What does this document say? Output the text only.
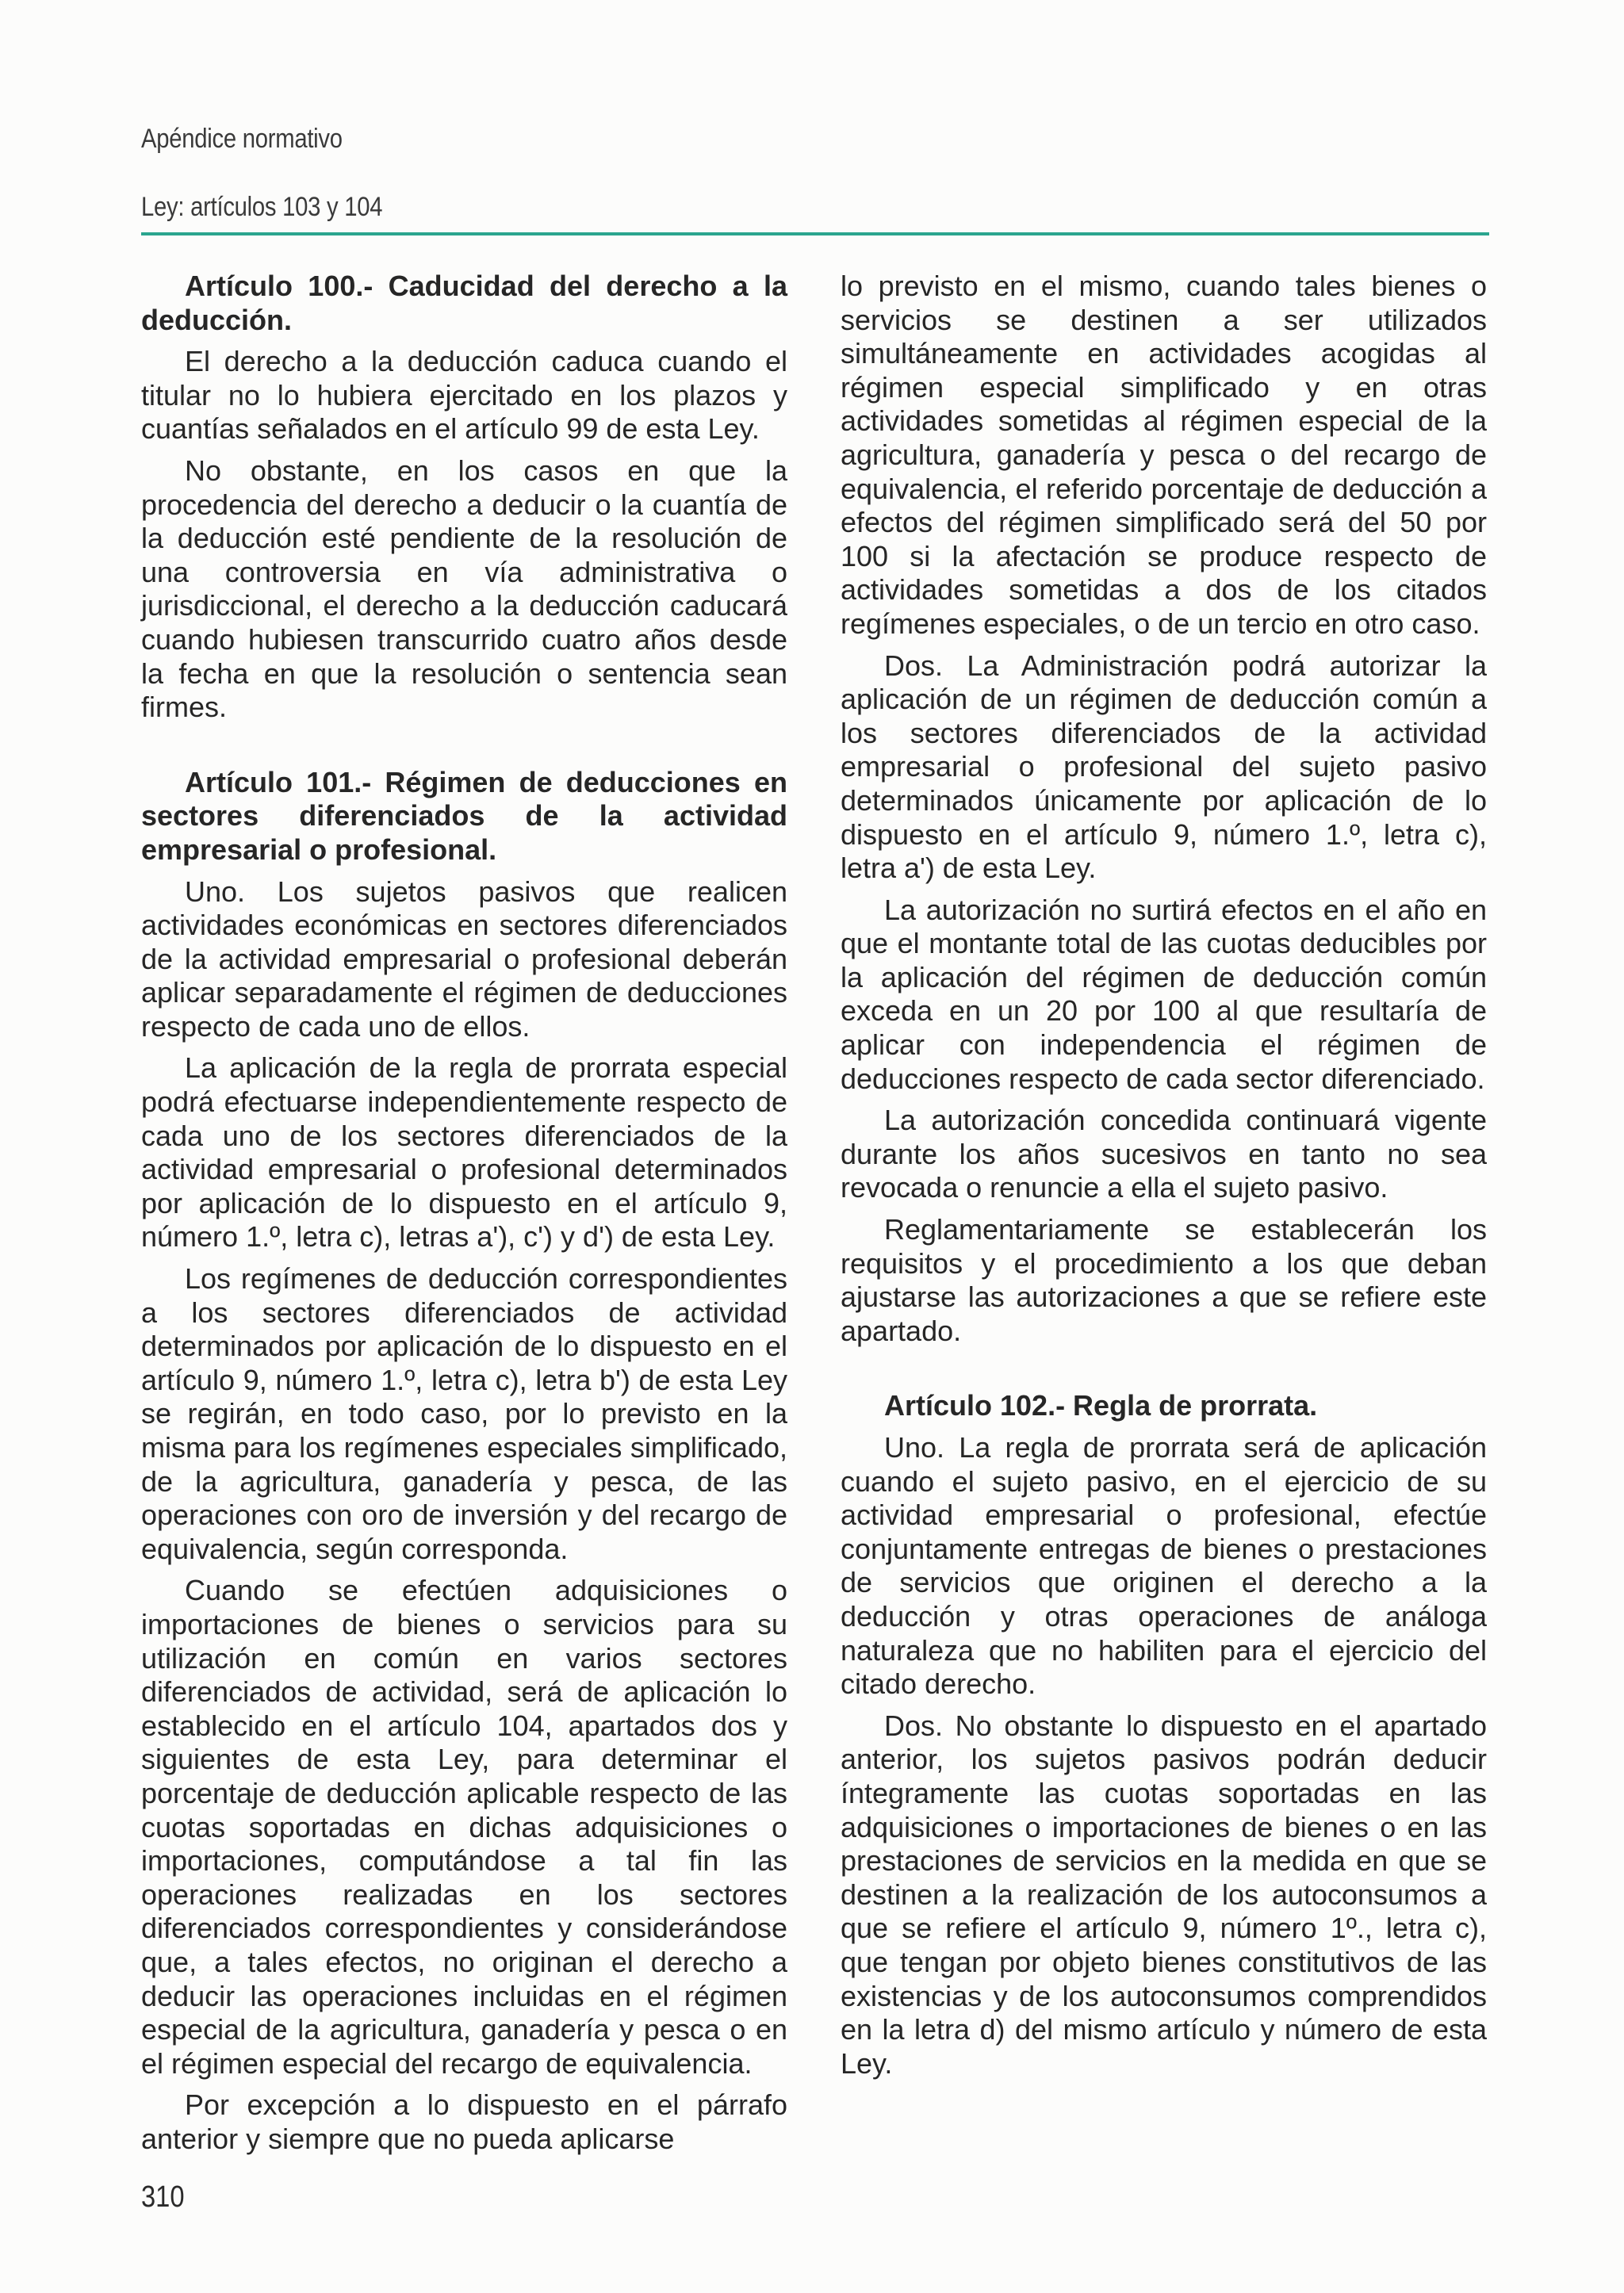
Apéndice normativo
Ley: artículos 103 y 104
Artículo 100.- Caducidad del derecho a la deducción.

El derecho a la deducción caduca cuando el titular no lo hubiera ejercitado en los plazos y cuantías señalados en el artículo 99 de esta Ley.

No obstante, en los casos en que la procedencia del derecho a deducir o la cuantía de la deducción esté pendiente de la resolución de una controversia en vía administrativa o jurisdiccional, el derecho a la deducción caducará cuando hubiesen transcurrido cuatro años desde la fecha en que la resolución o sentencia sean firmes.

Artículo 101.- Régimen de deducciones en sectores diferenciados de la actividad empresarial o profesional.

Uno. Los sujetos pasivos que realicen actividades económicas en sectores diferenciados de la actividad empresarial o profesional deberán aplicar separadamente el régimen de deducciones respecto de cada uno de ellos.

La aplicación de la regla de prorrata especial podrá efectuarse independientemente respecto de cada uno de los sectores diferenciados de la actividad empresarial o profesional determinados por aplicación de lo dispuesto en el artículo 9, número 1.º, letra c), letras a'), c') y d') de esta Ley.

Los regímenes de deducción correspondientes a los sectores diferenciados de actividad determinados por aplicación de lo dispuesto en el artículo 9, número 1.º, letra c), letra b') de esta Ley se regirán, en todo caso, por lo previsto en la misma para los regímenes especiales simplificado, de la agricultura, ganadería y pesca, de las operaciones con oro de inversión y del recargo de equivalencia, según corresponda.

Cuando se efectúen adquisiciones o importaciones de bienes o servicios para su utilización en común en varios sectores diferenciados de actividad, será de aplicación lo establecido en el artículo 104, apartados dos y siguientes de esta Ley, para determinar el porcentaje de deducción aplicable respecto de las cuotas soportadas en dichas adquisiciones o importaciones, computándose a tal fin las operaciones realizadas en los sectores diferenciados correspondientes y considerándose que, a tales efectos, no originan el derecho a deducir las operaciones incluidas en el régimen especial de la agricultura, ganadería y pesca o en el régimen especial del recargo de equivalencia.

Por excepción a lo dispuesto en el párrafo anterior y siempre que no pueda aplicarse

lo previsto en el mismo, cuando tales bienes o servicios se destinen a ser utilizados simultáneamente en actividades acogidas al régimen especial simplificado y en otras actividades sometidas al régimen especial de la agricultura, ganadería y pesca o del recargo de equivalencia, el referido porcentaje de deducción a efectos del régimen simplificado será del 50 por 100 si la afectación se produce respecto de actividades sometidas a dos de los citados regímenes especiales, o de un tercio en otro caso.

Dos. La Administración podrá autorizar la aplicación de un régimen de deducción común a los sectores diferenciados de la actividad empresarial o profesional del sujeto pasivo determinados únicamente por aplicación de lo dispuesto en el artículo 9, número 1.º, letra c), letra a') de esta Ley.

La autorización no surtirá efectos en el año en que el montante total de las cuotas deducibles por la aplicación del régimen de deducción común exceda en un 20 por 100 al que resultaría de aplicar con independencia el régimen de deducciones respecto de cada sector diferenciado.

La autorización concedida continuará vigente durante los años sucesivos en tanto no sea revocada o renuncie a ella el sujeto pasivo.

Reglamentariamente se establecerán los requisitos y el procedimiento a los que deban ajustarse las autorizaciones a que se refiere este apartado.

Artículo 102.- Regla de prorrata.

Uno. La regla de prorrata será de aplicación cuando el sujeto pasivo, en el ejercicio de su actividad empresarial o profesional, efectúe conjuntamente entregas de bienes o prestaciones de servicios que originen el derecho a la deducción y otras operaciones de análoga naturaleza que no habiliten para el ejercicio del citado derecho.

Dos. No obstante lo dispuesto en el apartado anterior, los sujetos pasivos podrán deducir íntegramente las cuotas soportadas en las adquisiciones o importaciones de bienes o en las prestaciones de servicios en la medida en que se destinen a la realización de los autoconsumos a que se refiere el artículo 9, número 1º., letra c), que tengan por objeto bienes constitutivos de las existencias y de los autoconsumos comprendidos en la letra d) del mismo artículo y número de esta Ley.

310
